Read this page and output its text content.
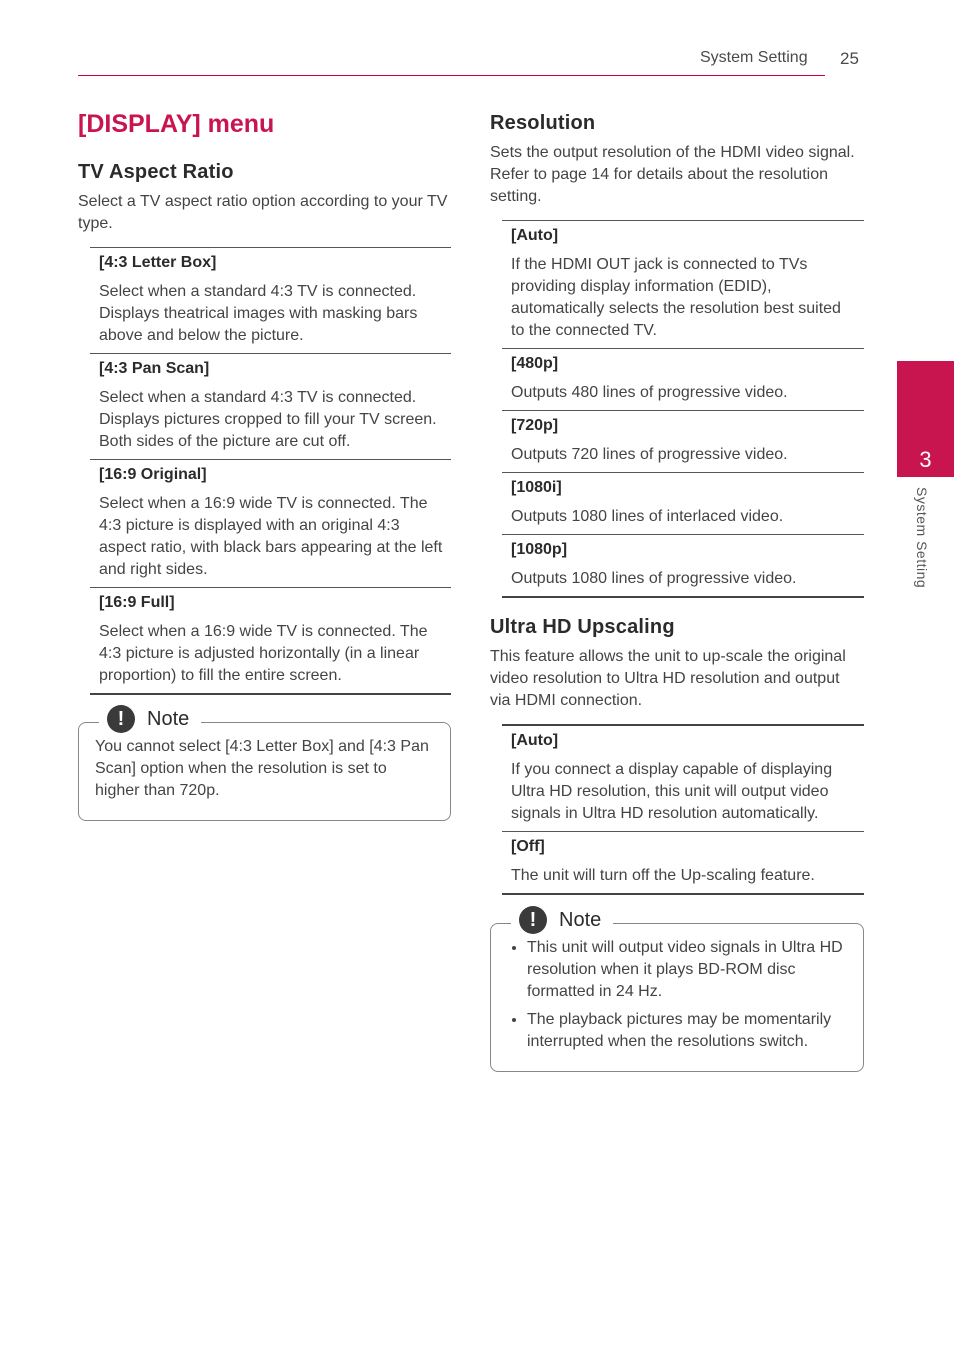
System Setting	25
3
System Setting
[DISPLAY] menu
TV Aspect Ratio

Select a TV aspect ratio option according to your TV type.

[4:3 Letter Box]
Select when a standard 4:3 TV is connected. Displays theatrical images with masking bars above and below the picture.
[4:3 Pan Scan]
Select when a standard 4:3 TV is connected. Displays pictures cropped to fill your TV screen. Both sides of the picture are cut off.
[16:9 Original]
Select when a 16:9 wide TV is connected. The 4:3 picture is displayed with an original 4:3 aspect ratio, with black bars appearing at the left and right sides.
[16:9 Full]
Select when a 16:9 wide TV is connected. The 4:3 picture is adjusted horizontally (in a linear proportion) to fill the entire screen.
!	Note
You cannot select [4:3 Letter Box] and [4:3 Pan Scan] option when the resolution is set to higher than 720p.
Resolution

Sets the output resolution of the HDMI video signal. Refer to page 14 for details about the resolution setting.

[Auto]
If the HDMI OUT jack is connected to TVs providing display information (EDID), automatically selects the resolution best suited to the connected TV.
[480p]
Outputs 480 lines of progressive video.
[720p]
Outputs 720 lines of progressive video.
[1080i]
Outputs 1080 lines of interlaced video.
[1080p]
Outputs 1080 lines of progressive video.
Ultra HD Upscaling

This feature allows the unit to up-scale the original video resolution to Ultra HD resolution and output via HDMI connection.

[Auto]
If you connect a display capable of displaying Ultra HD resolution, this unit will output video signals in Ultra HD resolution automatically.
[Off]
The unit will turn off the Up-scaling feature.
!	Note
• This unit will output video signals in Ultra HD resolution when it plays BD-ROM disc formatted in 24 Hz.
• The playback pictures may be momentarily interrupted when the resolutions switch.
